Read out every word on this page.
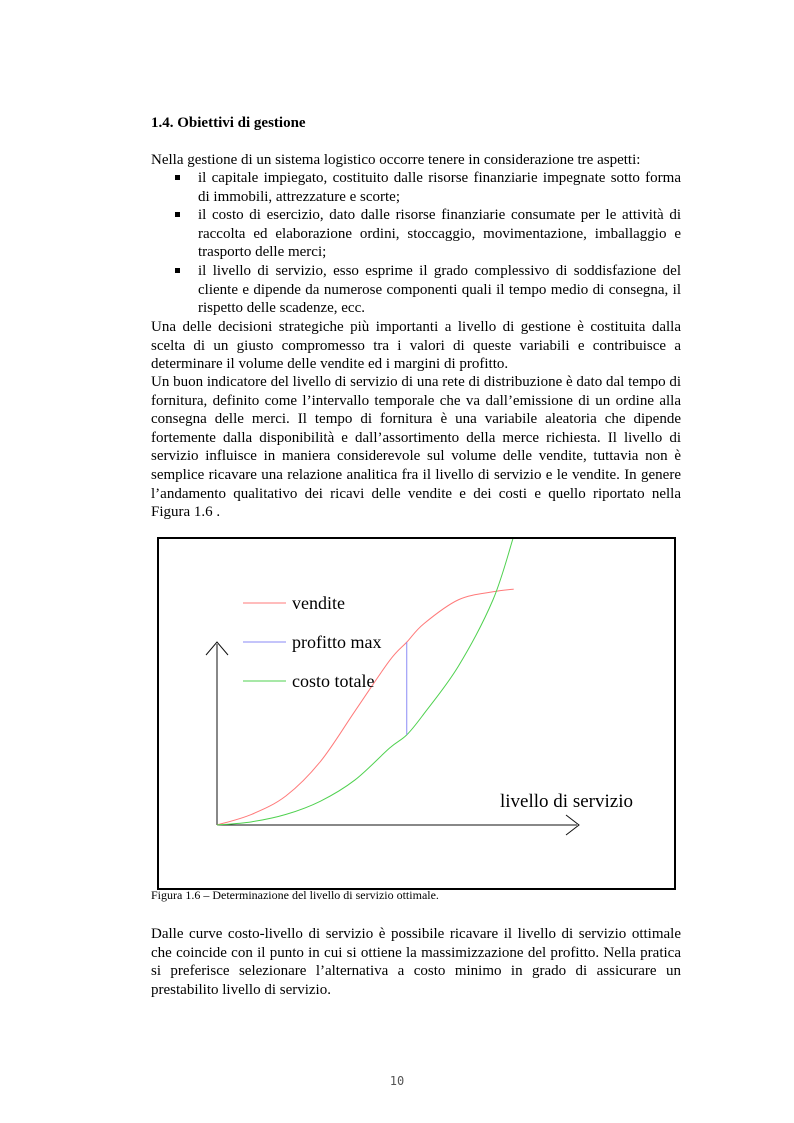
1.4. Obiettivi di gestione

Nella gestione di un sistema logistico occorre tenere in considerazione tre aspetti:

il capitale impiegato, costituito dalle risorse finanziarie impegnate sotto forma di immobili, attrezzature e scorte;
il costo di esercizio, dato dalle risorse finanziarie consumate per le attività di raccolta ed elaborazione ordini, stoccaggio, movimentazione, imballaggio e trasporto delle merci;
il livello di servizio, esso esprime il grado complessivo di soddisfazione del cliente e dipende da numerose componenti quali il tempo medio di consegna, il rispetto delle scadenze, ecc.

Una delle decisioni strategiche più importanti a livello di gestione è costituita dalla scelta di un giusto compromesso tra i valori di queste variabili e contribuisce a determinare il volume delle vendite ed i margini di profitto.

Un buon indicatore del livello di servizio di una rete di distribuzione è dato dal tempo di fornitura, definito come l’intervallo temporale che va dall’emissione di un ordine alla consegna delle merci. Il tempo di fornitura è una variabile aleatoria che dipende fortemente dalla disponibilità e dall’assortimento della merce richiesta. Il livello di servizio influisce in maniera considerevole sul volume delle vendite, tuttavia non è semplice ricavare una relazione analitica fra il livello di servizio e le vendite. In genere l’andamento qualitativo dei ricavi delle vendite e dei costi e quello riportato nella Figura 1.6 .

livello di servizio
vendite
profitto max
costo totale

Figura 1.6 – Determinazione del livello di servizio ottimale.

Dalle curve costo-livello di servizio è possibile ricavare il livello di servizio ottimale che coincide con il punto in cui si ottiene la massimizzazione del profitto. Nella pratica si preferisce selezionare l’alternativa a costo minimo in grado di assicurare un prestabilito livello di servizio.

10
